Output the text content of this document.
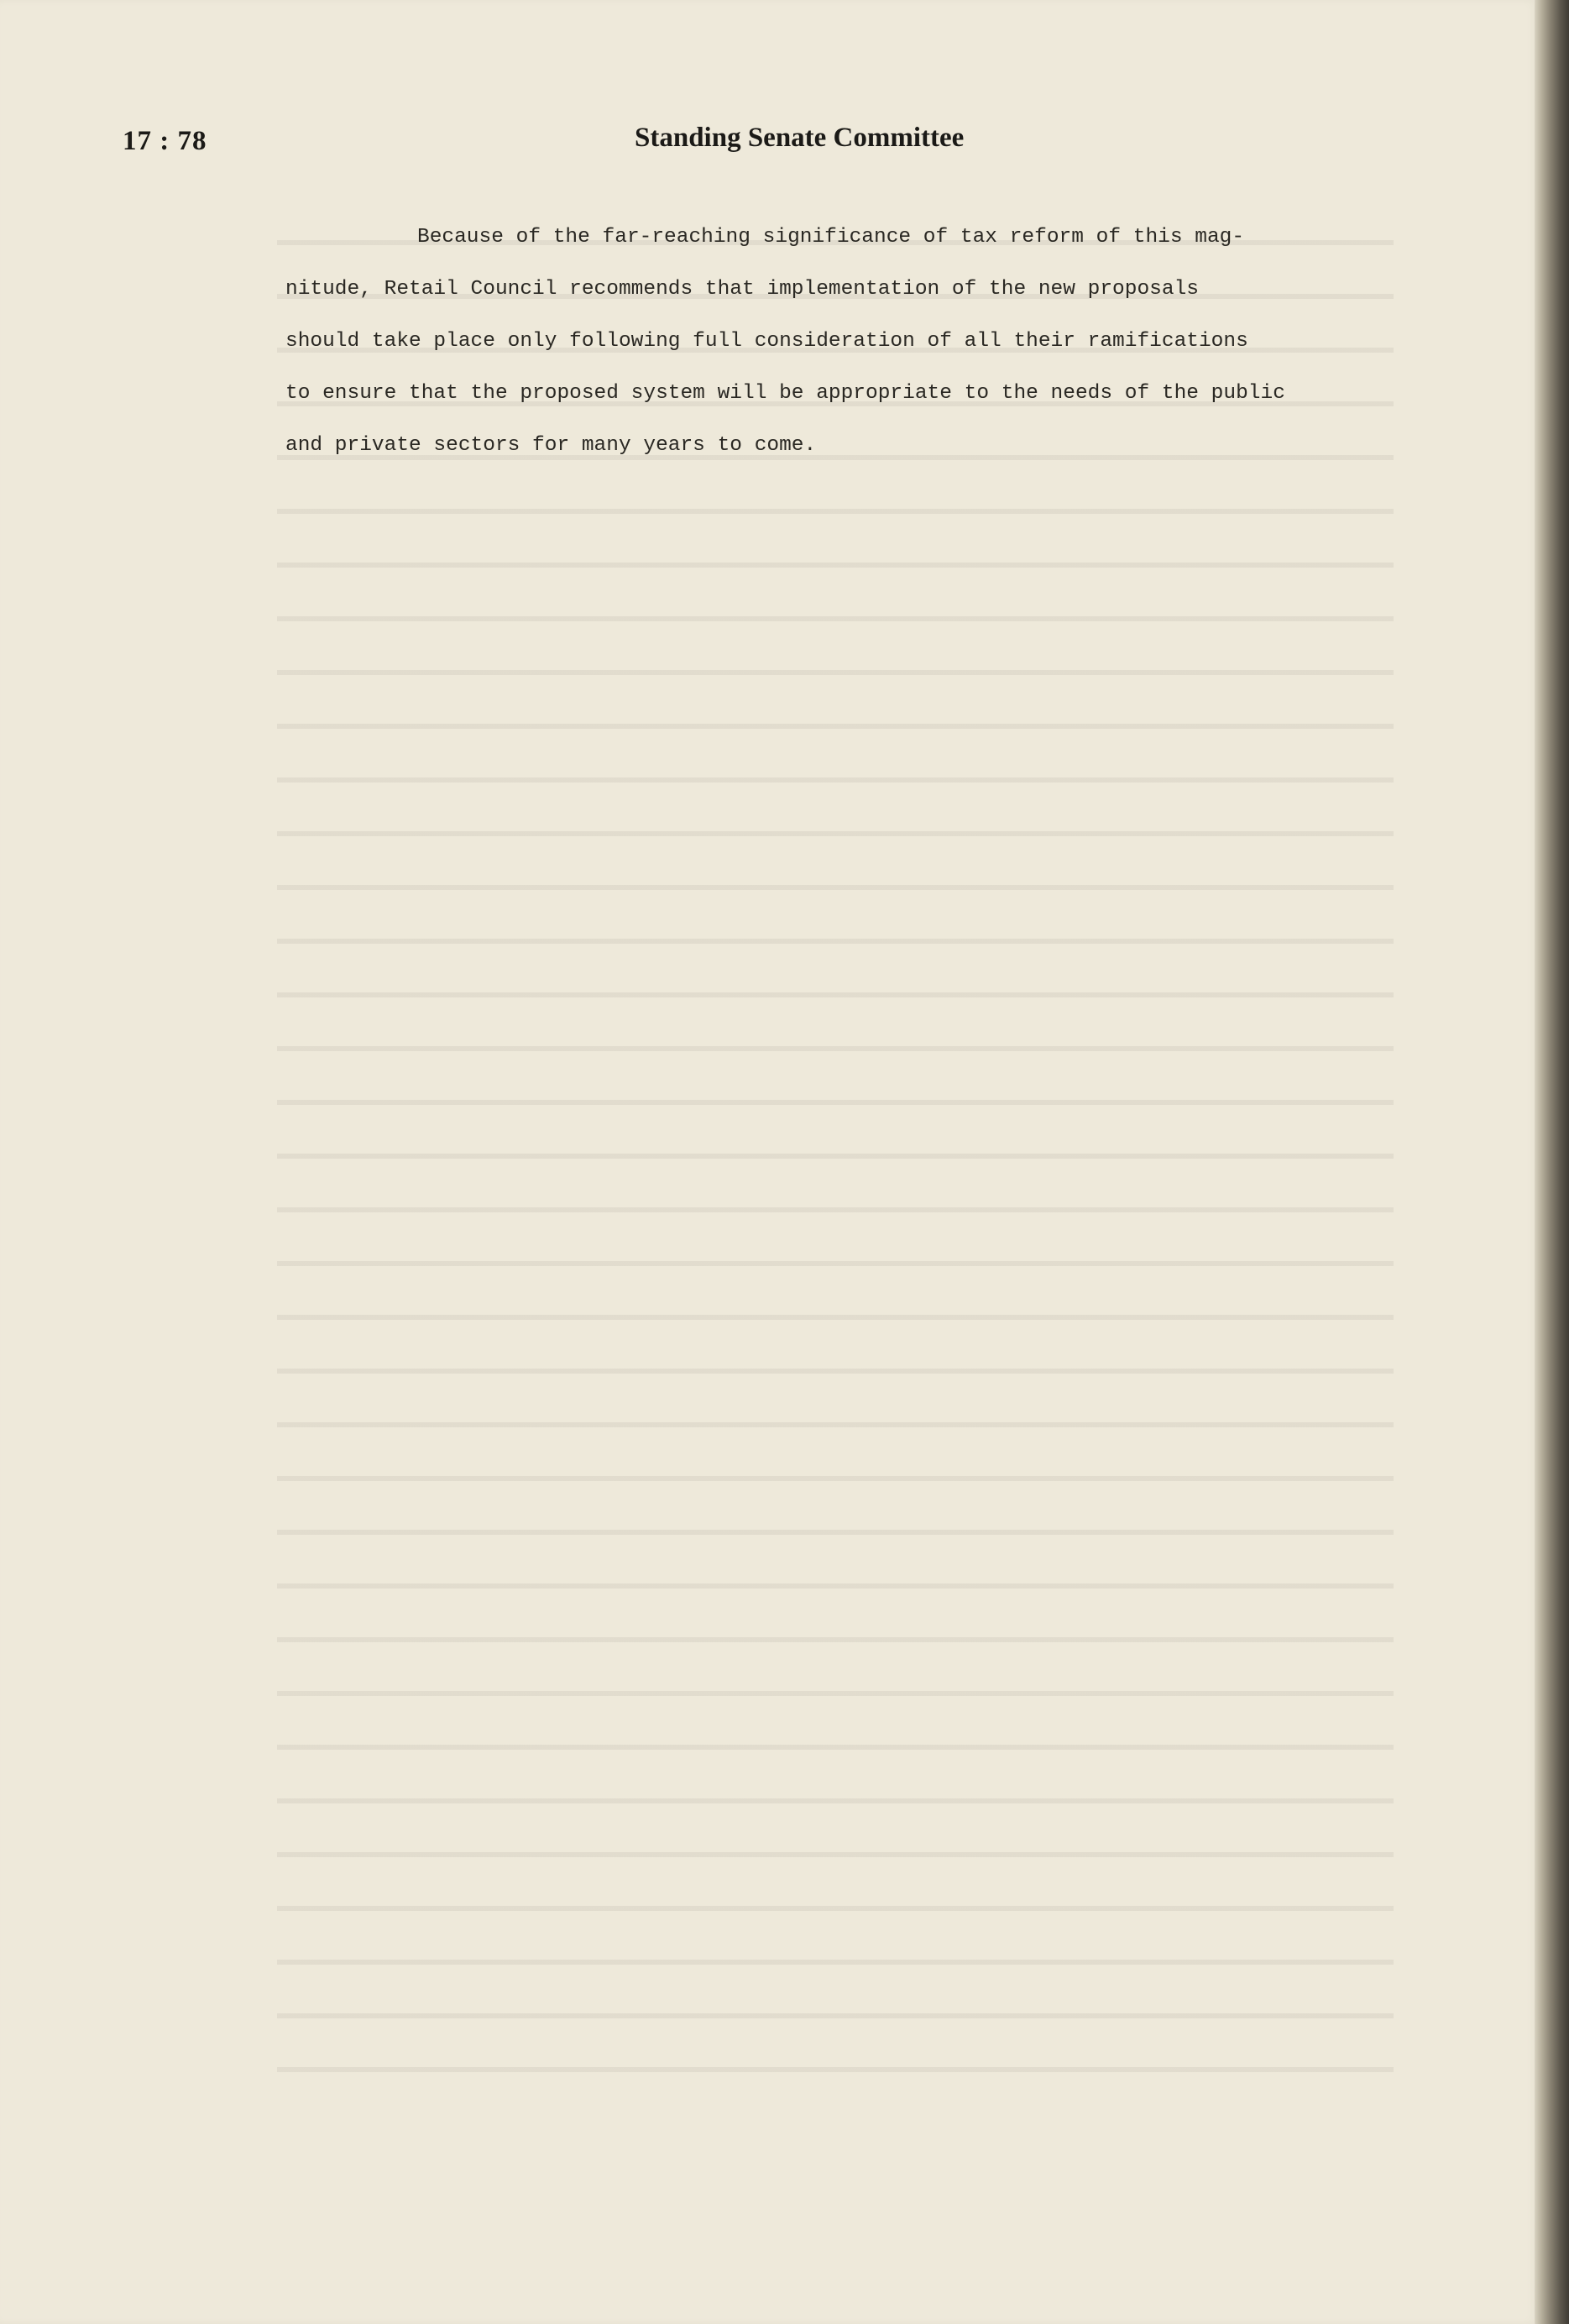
17 : 78	Standing Senate Committee
Because of the far-reaching significance of tax reform of this mag-
nitude, Retail Council recommends that implementation of the new proposals
should take place only following full consideration of all their ramifications
to ensure that the proposed system will be appropriate to the needs of the public
and private sectors for many years to come.
